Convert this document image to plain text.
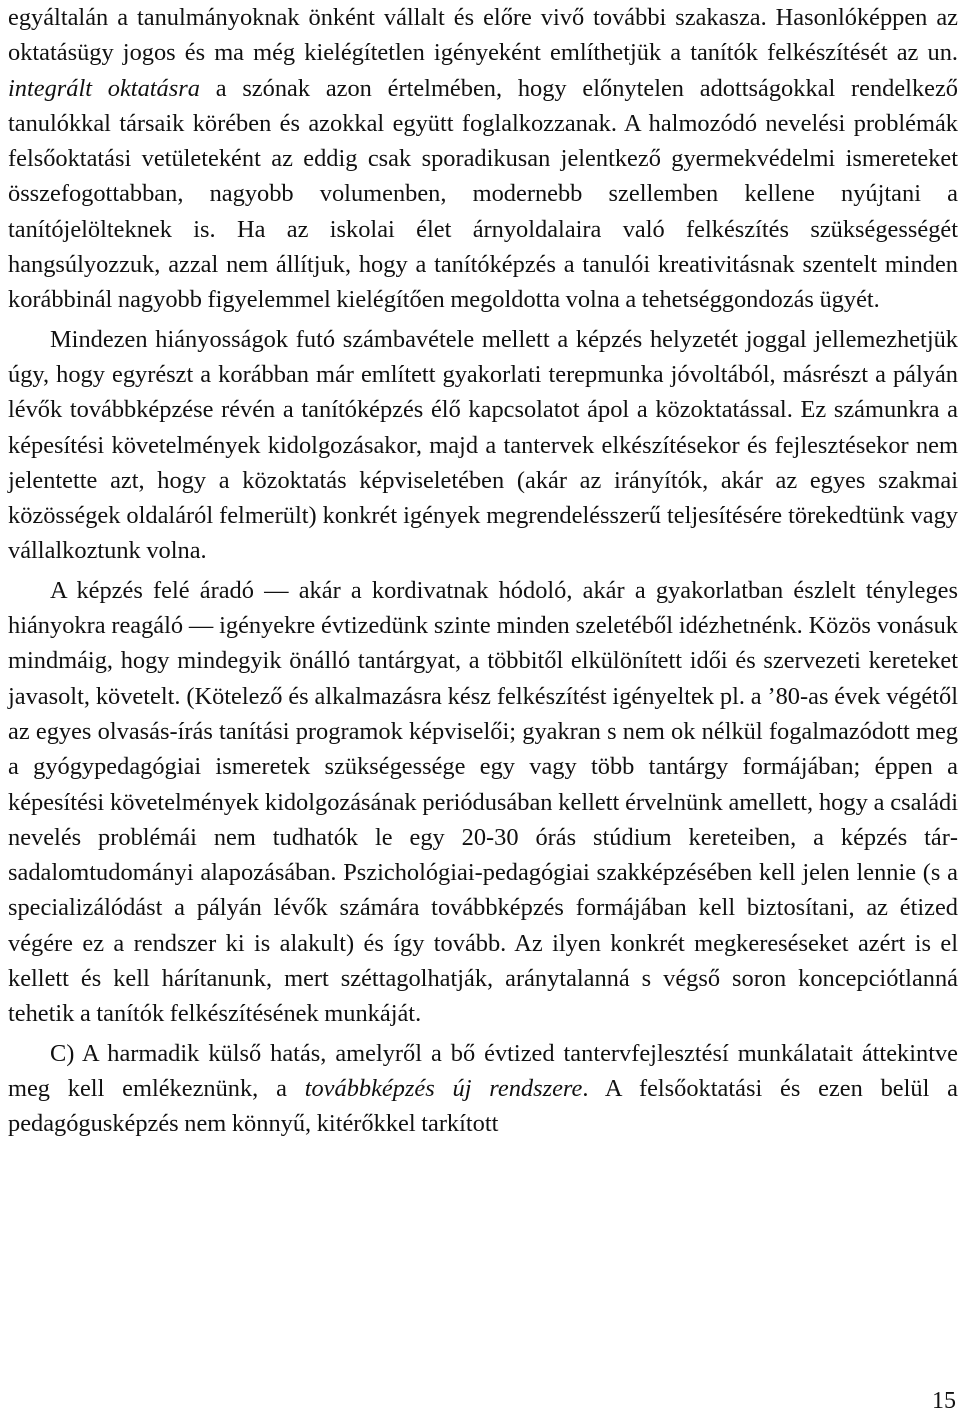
egyáltalán a tanulmányoknak önként vállalt és előre vivő további szakasza. Hasonlóképpen az oktatásügy jogos és ma még kielégítetlen igényeként említhetjük a tanítók felkészítését az un. integrált oktatásra a szónak azon értelmében, hogy előnytelen adottságokkal rendelkező tanulókkal társaik körében és azokkal együtt foglalkozzanak. A halmozódó nevelési problémák felsőoktatási vetületeként az eddig csak sporadikusan jelentkező gyermekvédelmi ismereteket összefogottabban, nagyobb volumenben, modernebb szellemben kellene nyújtani a tanítójelölteknek is. Ha az iskolai élet árnyoldalaira való felkészítés szükségességét hangsúlyozzuk, azzal nem állítjuk, hogy a tanítóképzés a tanulói kreativitásnak szentelt minden korábbinál nagyobb figyelemmel kielégítően megoldotta volna a tehetséggondozás ügyét.

Mindezen hiányosságok futó számbavétele mellett a képzés helyzetét joggal jellemezhetjük úgy, hogy egyrészt a korábban már említett gyakorlati terepmunka jóvoltából, másrészt a pályán lévők továbbképzése révén a tanítóképzés élő kapcsolatot ápol a közoktatással. Ez számunkra a képesítési követelmények kidolgozásakor, majd a tantervek elkészítésekor és fejlesztésekor nem jelentette azt, hogy a közoktatás képviseletében (akár az irányítók, akár az egyes szakmai közösségek oldaláról felmerült) konkrét igények megrendelésszerű teljesítésére törekedtünk vagy vállalkoztunk volna.

A képzés felé áradó — akár a kordivatnak hódoló, akár a gyakorlatban észlelt tényleges hiányokra reagáló — igényekre évtizedünk szinte minden szeletéből idézhetnénk. Közös vonásuk mindmáig, hogy mindegyik önálló tantárgyat, a többitől elkülönített idői és szervezeti kereteket javasolt, követelt. (Kötelező és alkalmazásra kész felkészítést igényeltek pl. a ’80-as évek végétől az egyes olvasás-írás tanítási programok képviselői; gyakran s nem ok nélkül fogalmazódott meg a gyógypedagógiai ismeretek szükségessége egy vagy több tantárgy formájában; éppen a képesítési követelmények kidolgozásának periódusában kellett érvelnünk amellett, hogy a családi nevelés problémái nem tudhatók le egy 20-30 órás stúdium kereteiben, a képzés társadalomtudományi alapozásában. Pszichológiai-pedagógiai szakképzésében kell jelen lennie (s a specializálódást a pályán lévők számára továbbképzés formájában kell biztosítani, az étized végére ez a rendszer ki is alakult) és így tovább. Az ilyen konkrét megkereséseket azért is el kellett és kell hárítanunk, mert széttagolhatják, aránytalanná s végső soron koncepciótlanná tehetik a tanítók felkészítésének munkáját.

C) A harmadik külső hatás, amelyről a bő évtized tantervfejlesztésí munkálatait áttekintve meg kell emlékeznünk, a továbbképzés új rendszere. A felsőoktatási és ezen belül a pedagógusképzés nem könnyű, kitérőkkel tarkított

15
